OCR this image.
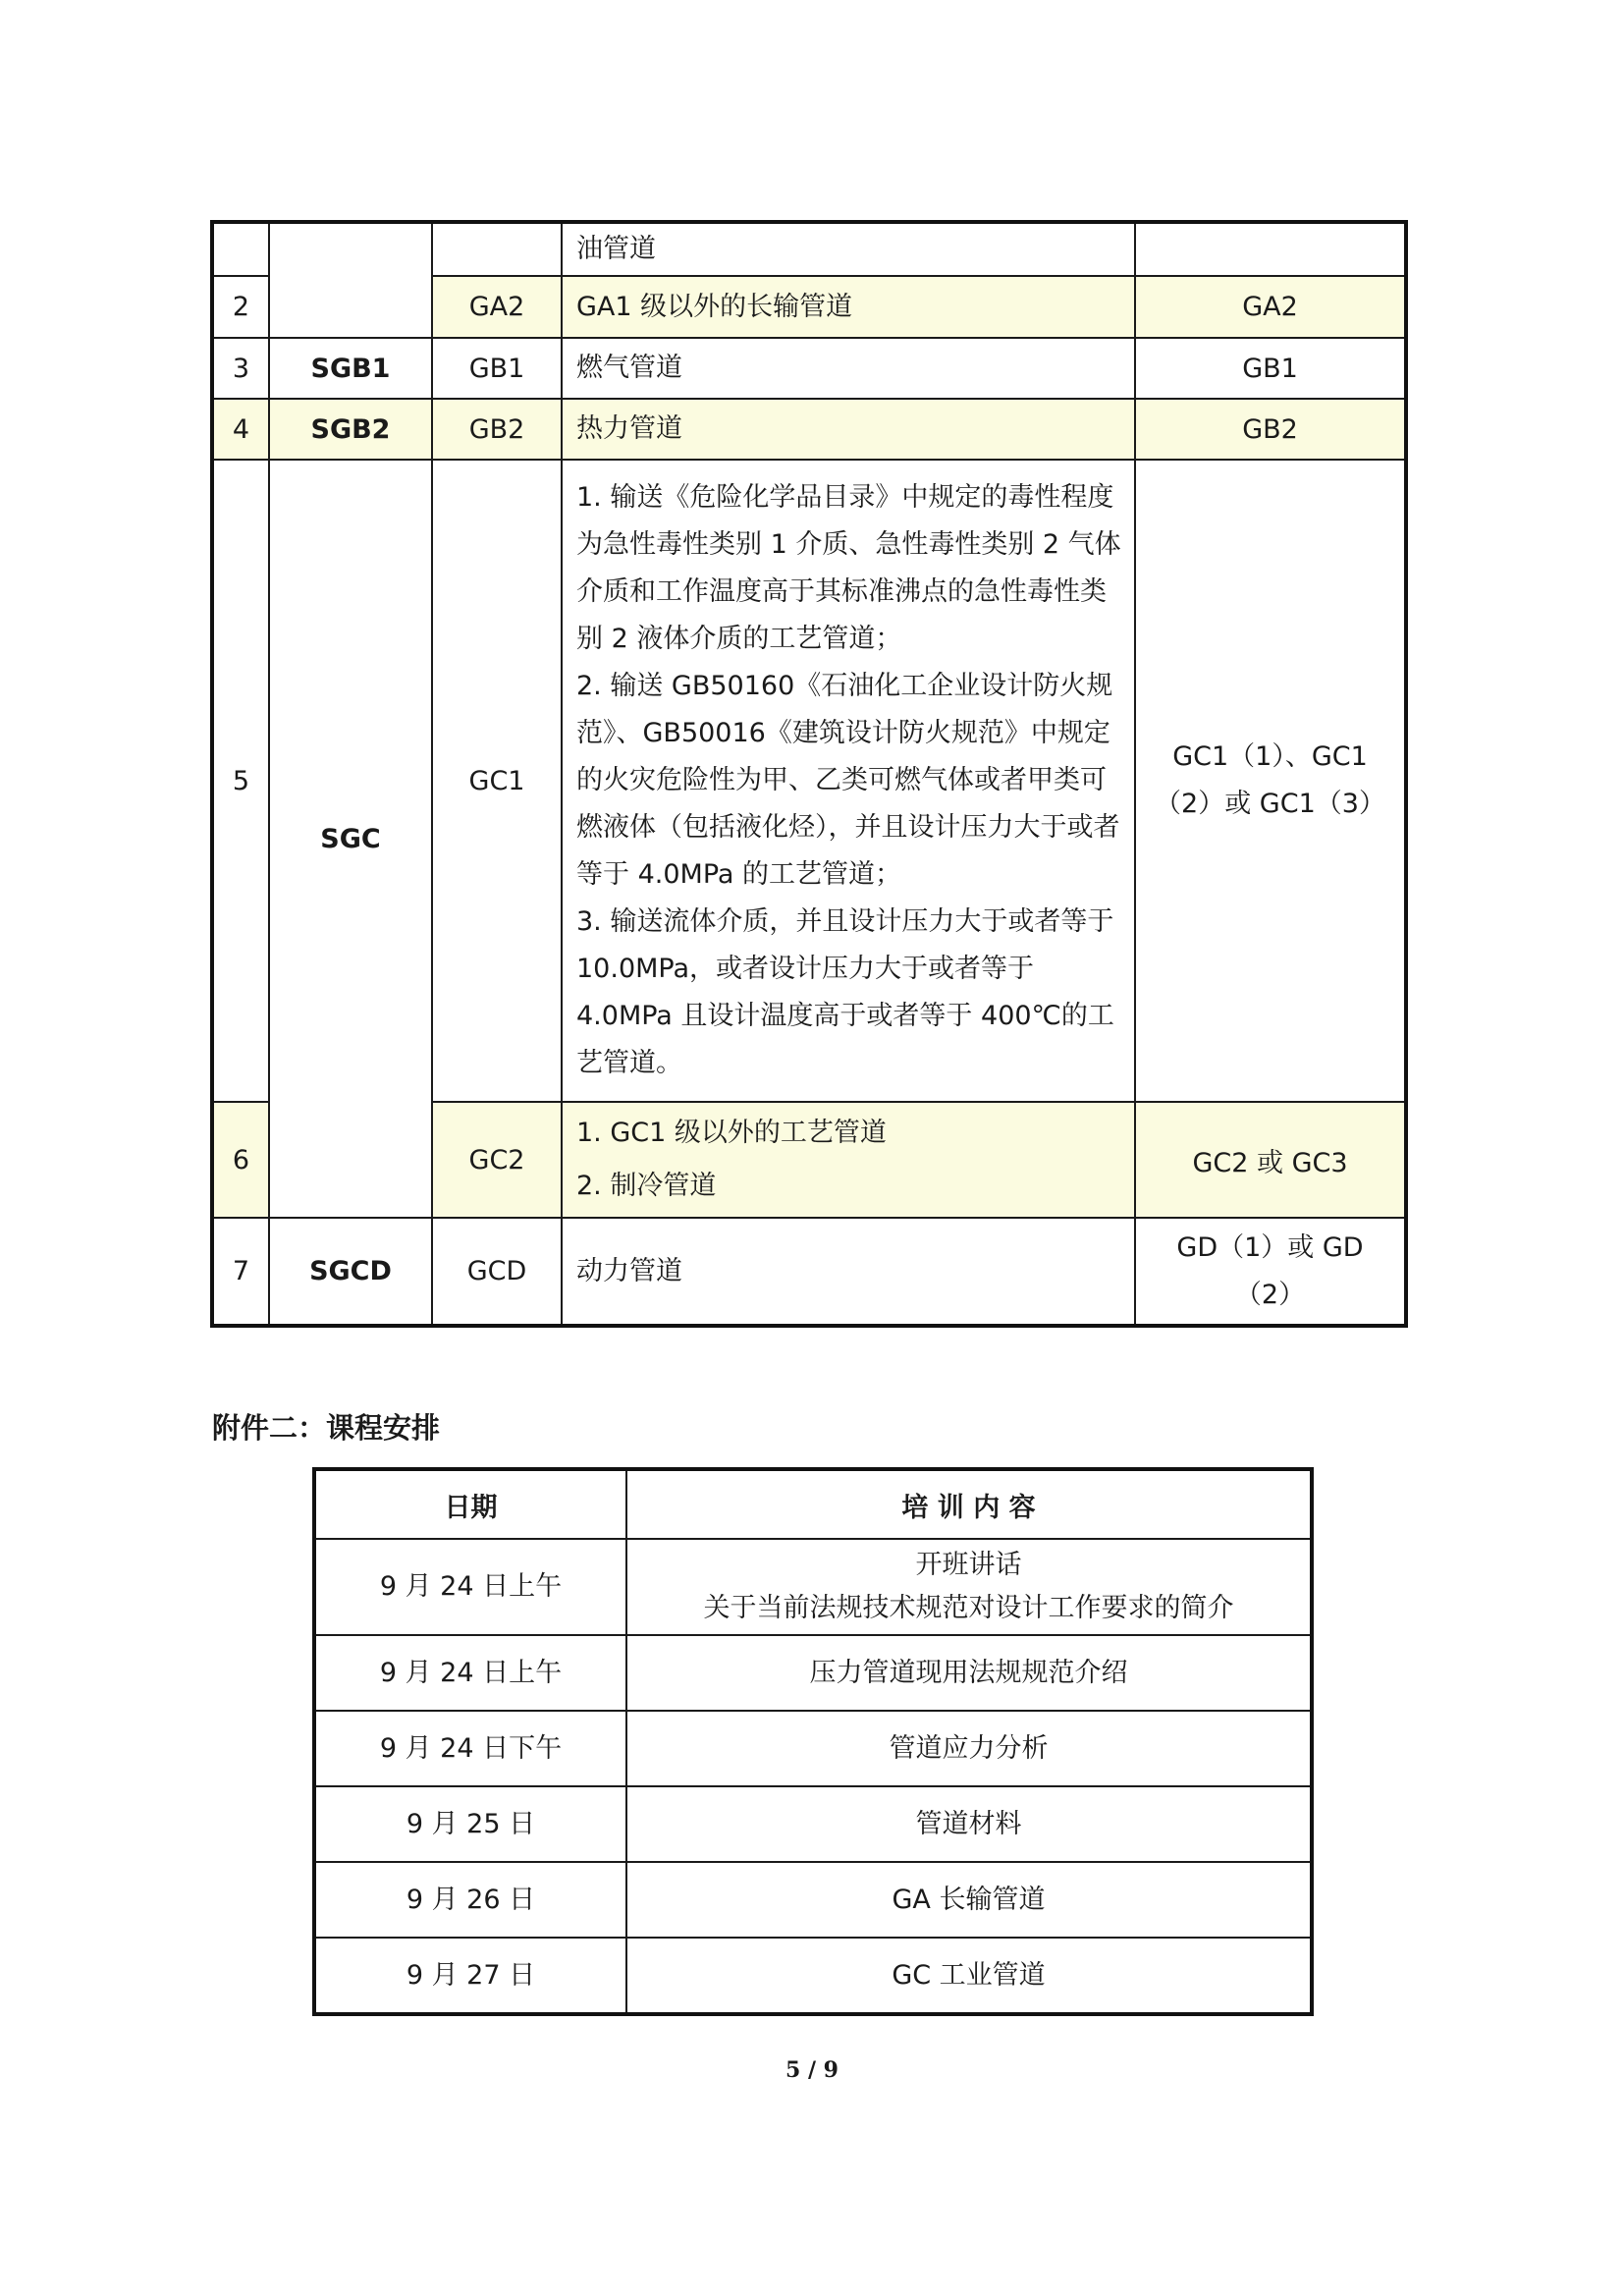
			油管道	
2		GA2	GA1 级以外的长输管道	GA2
3	SGB1	GB1	燃气管道	GB1
4	SGB2	GB2	热力管道	GB2
5	SGC	GC1	1. 输送《危险化学品目录》中规定的毒性程度为急性毒性类别 1 介质、急性毒性类别 2 气体介质和工作温度高于其标准沸点的急性毒性类别 2 液体介质的工艺管道；
2. 输送 GB50160《石油化工企业设计防火规范》、GB50016《建筑设计防火规范》中规定的火灾危险性为甲、乙类可燃气体或者甲类可燃液体（包括液化烃），并且设计压力大于或者等于 4.0MPa 的工艺管道；
3. 输送流体介质，并且设计压力大于或者等于 10.0MPa，或者设计压力大于或者等于 4.0MPa 且设计温度高于或者等于 400℃的工艺管道。	GC1（1）、GC1（2）或 GC1（3）
6		GC2	1. GC1 级以外的工艺管道
2. 制冷管道	GC2 或 GC3
7	SGCD	GCD	动力管道	GD（1）或 GD（2）
附件二：课程安排
日期	培 训 内 容
9 月 24 日上午	开班讲话
关于当前法规技术规范对设计工作要求的简介

9 月 24 日上午	压力管道现用法规规范介绍
9 月 24 日下午	管道应力分析
9 月 25 日	管道材料
9 月 26 日	GA 长输管道
9 月 27 日	GC 工业管道
5 / 9
